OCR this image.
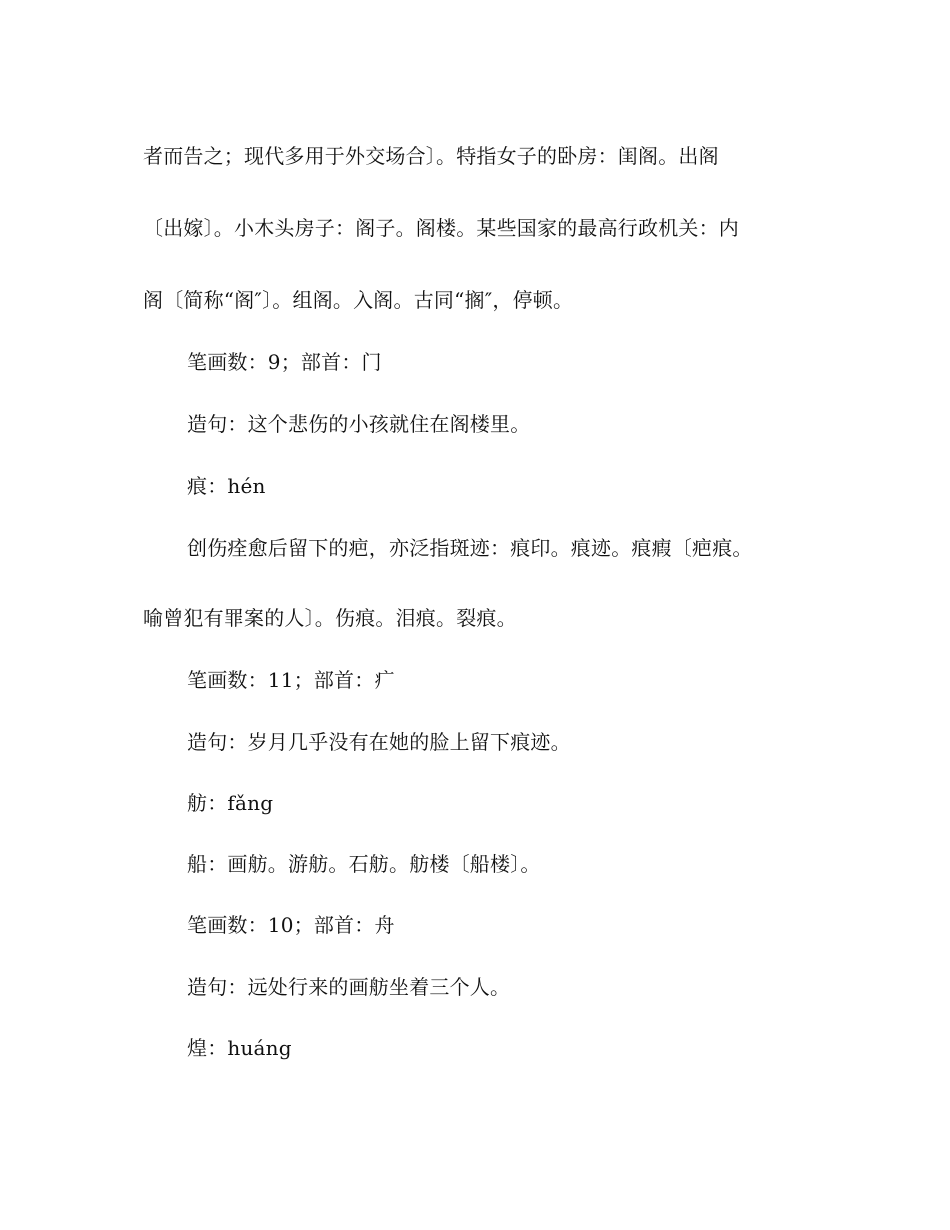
者而告之；现代多用于外交场合〕。特指女子的卧房：闺阁。出阁
〔出嫁〕。小木头房子：阁子。阁楼。某些国家的最高行政机关：内
阁〔简称“阁″〕。组阁。入阁。古同“搁″，停顿。
笔画数：9；部首：门
造句：这个悲伤的小孩就住在阁楼里。
痕：hén
创伤痊愈后留下的疤，亦泛指斑迹：痕印。痕迹。痕瘕〔疤痕。
喻曾犯有罪案的人〕。伤痕。泪痕。裂痕。
笔画数：11；部首：疒
造句：岁月几乎没有在她的脸上留下痕迹。
舫：fǎng
船：画舫。游舫。石舫。舫楼〔船楼〕。
笔画数：10；部首：舟
造句：远处行来的画舫坐着三个人。
煌：huáng
